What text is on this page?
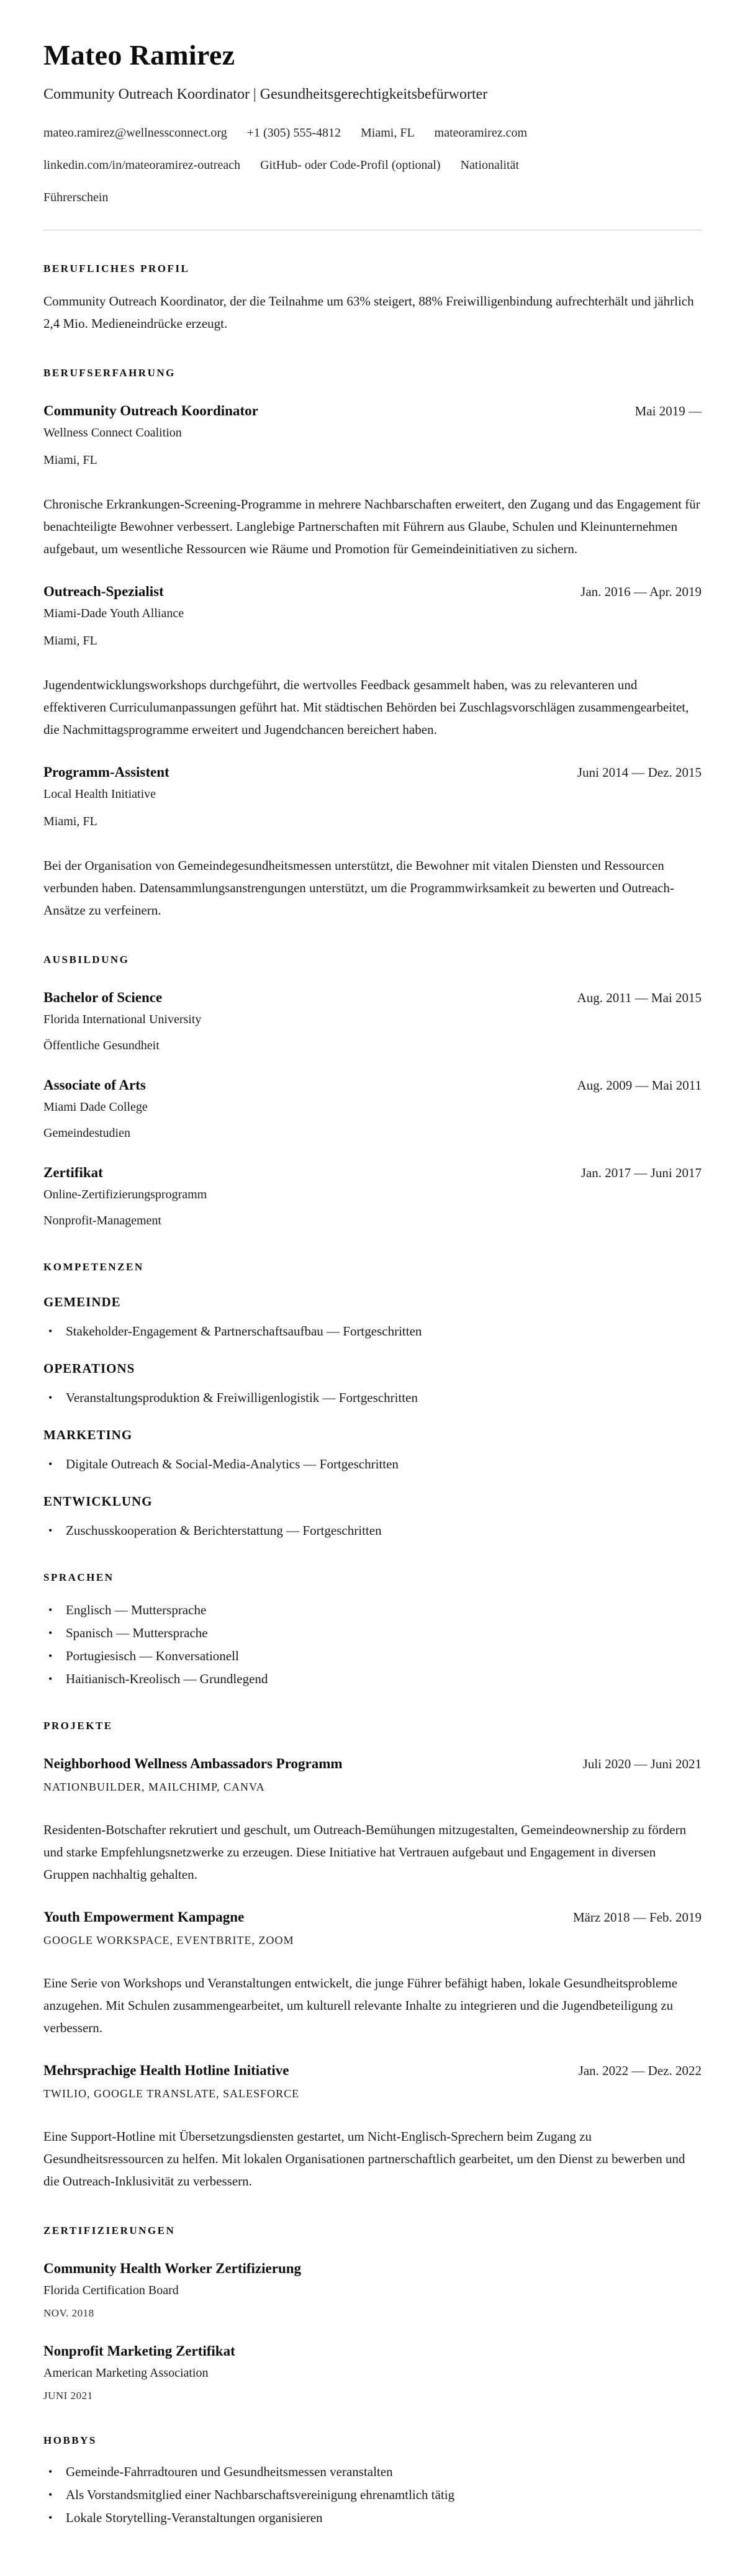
Mateo Ramirez
Community Outreach Koordinator | Gesundheitsgerechtigkeitsbefürworter
mateo.ramirez@wellnessconnect.org +1 (305) 555-4812 Miami, FL mateoramirez.com
linkedin.com/in/mateoramirez-outreach GitHub- oder Code-Profil (optional) Nationalität
Führerschein
BERUFLICHES PROFIL

Community Outreach Koordinator, der die Teilnahme um 63% steigert, 88% Freiwilligenbindung aufrechterhält und jährlich 2,4 Mio. Medieneindrücke erzeugt.

BERUFSERFAHRUNG
Community Outreach Koordinator	Mai 2019 —
Wellness Connect Coalition
Miami, FL

Chronische Erkrankungen-Screening-Programme in mehrere Nachbarschaften erweitert, den Zugang und das Engagement für benachteiligte Bewohner verbessert. Langlebige Partnerschaften mit Führern aus Glaube, Schulen und Kleinunternehmen aufgebaut, um wesentliche Ressourcen wie Räume und Promotion für Gemeindeinitiativen zu sichern.

Outreach-Spezialist	Jan. 2016 — Apr. 2019
Miami-Dade Youth Alliance
Miami, FL

Jugendentwicklungsworkshops durchgeführt, die wertvolles Feedback gesammelt haben, was zu relevanteren und effektiveren Curriculumanpassungen geführt hat. Mit städtischen Behörden bei Zuschlagsvorschlägen zusammengearbeitet, die Nachmittagsprogramme erweitert und Jugendchancen bereichert haben.

Programm-Assistent	Juni 2014 — Dez. 2015
Local Health Initiative
Miami, FL

Bei der Organisation von Gemeindegesundheitsmessen unterstützt, die Bewohner mit vitalen Diensten und Ressourcen verbunden haben. Datensammlungsanstrengungen unterstützt, um die Programmwirksamkeit zu bewerten und Outreach-Ansätze zu verfeinern.

AUSBILDUNG
Bachelor of Science	Aug. 2011 — Mai 2015
Florida International University
Öffentliche Gesundheit
Associate of Arts	Aug. 2009 — Mai 2011
Miami Dade College
Gemeindestudien
Zertifikat	Jan. 2017 — Juni 2017
Online-Zertifizierungsprogramm
Nonprofit-Management
KOMPETENZEN
GEMEINDE
• Stakeholder-Engagement & Partnerschaftsaufbau — Fortgeschritten
OPERATIONS
• Veranstaltungsproduktion & Freiwilligenlogistik — Fortgeschritten
MARKETING
• Digitale Outreach & Social-Media-Analytics — Fortgeschritten
ENTWICKLUNG
• Zuschusskooperation & Berichterstattung — Fortgeschritten
SPRACHEN
• Englisch — Muttersprache
• Spanisch — Muttersprache
• Portugiesisch — Konversationell
• Haitianisch-Kreolisch — Grundlegend
PROJEKTE
Neighborhood Wellness Ambassadors Programm	Juli 2020 — Juni 2021
NATIONBUILDER, MAILCHIMP, CANVA

Residenten-Botschafter rekrutiert und geschult, um Outreach-Bemühungen mitzugestalten, Gemeindeownership zu fördern und starke Empfehlungsnetzwerke zu erzeugen. Diese Initiative hat Vertrauen aufgebaut und Engagement in diversen Gruppen nachhaltig gehalten.

Youth Empowerment Kampagne	März 2018 — Feb. 2019
GOOGLE WORKSPACE, EVENTBRITE, ZOOM

Eine Serie von Workshops und Veranstaltungen entwickelt, die junge Führer befähigt haben, lokale Gesundheitsprobleme anzugehen. Mit Schulen zusammengearbeitet, um kulturell relevante Inhalte zu integrieren und die Jugendbeteiligung zu verbessern.

Mehrsprachige Health Hotline Initiative	Jan. 2022 — Dez. 2022
TWILIO, GOOGLE TRANSLATE, SALESFORCE

Eine Support-Hotline mit Übersetzungsdiensten gestartet, um Nicht-Englisch-Sprechern beim Zugang zu Gesundheitsressourcen zu helfen. Mit lokalen Organisationen partnerschaftlich gearbeitet, um den Dienst zu bewerben und die Outreach-Inklusivität zu verbessern.

ZERTIFIZIERUNGEN
Community Health Worker Zertifizierung
Florida Certification Board
NOV. 2018
Nonprofit Marketing Zertifikat
American Marketing Association
JUNI 2021
HOBBYS
• Gemeinde-Fahrradtouren und Gesundheitsmessen veranstalten
• Als Vorstandsmitglied einer Nachbarschaftsvereinigung ehrenamtlich tätig
• Lokale Storytelling-Veranstaltungen organisieren
